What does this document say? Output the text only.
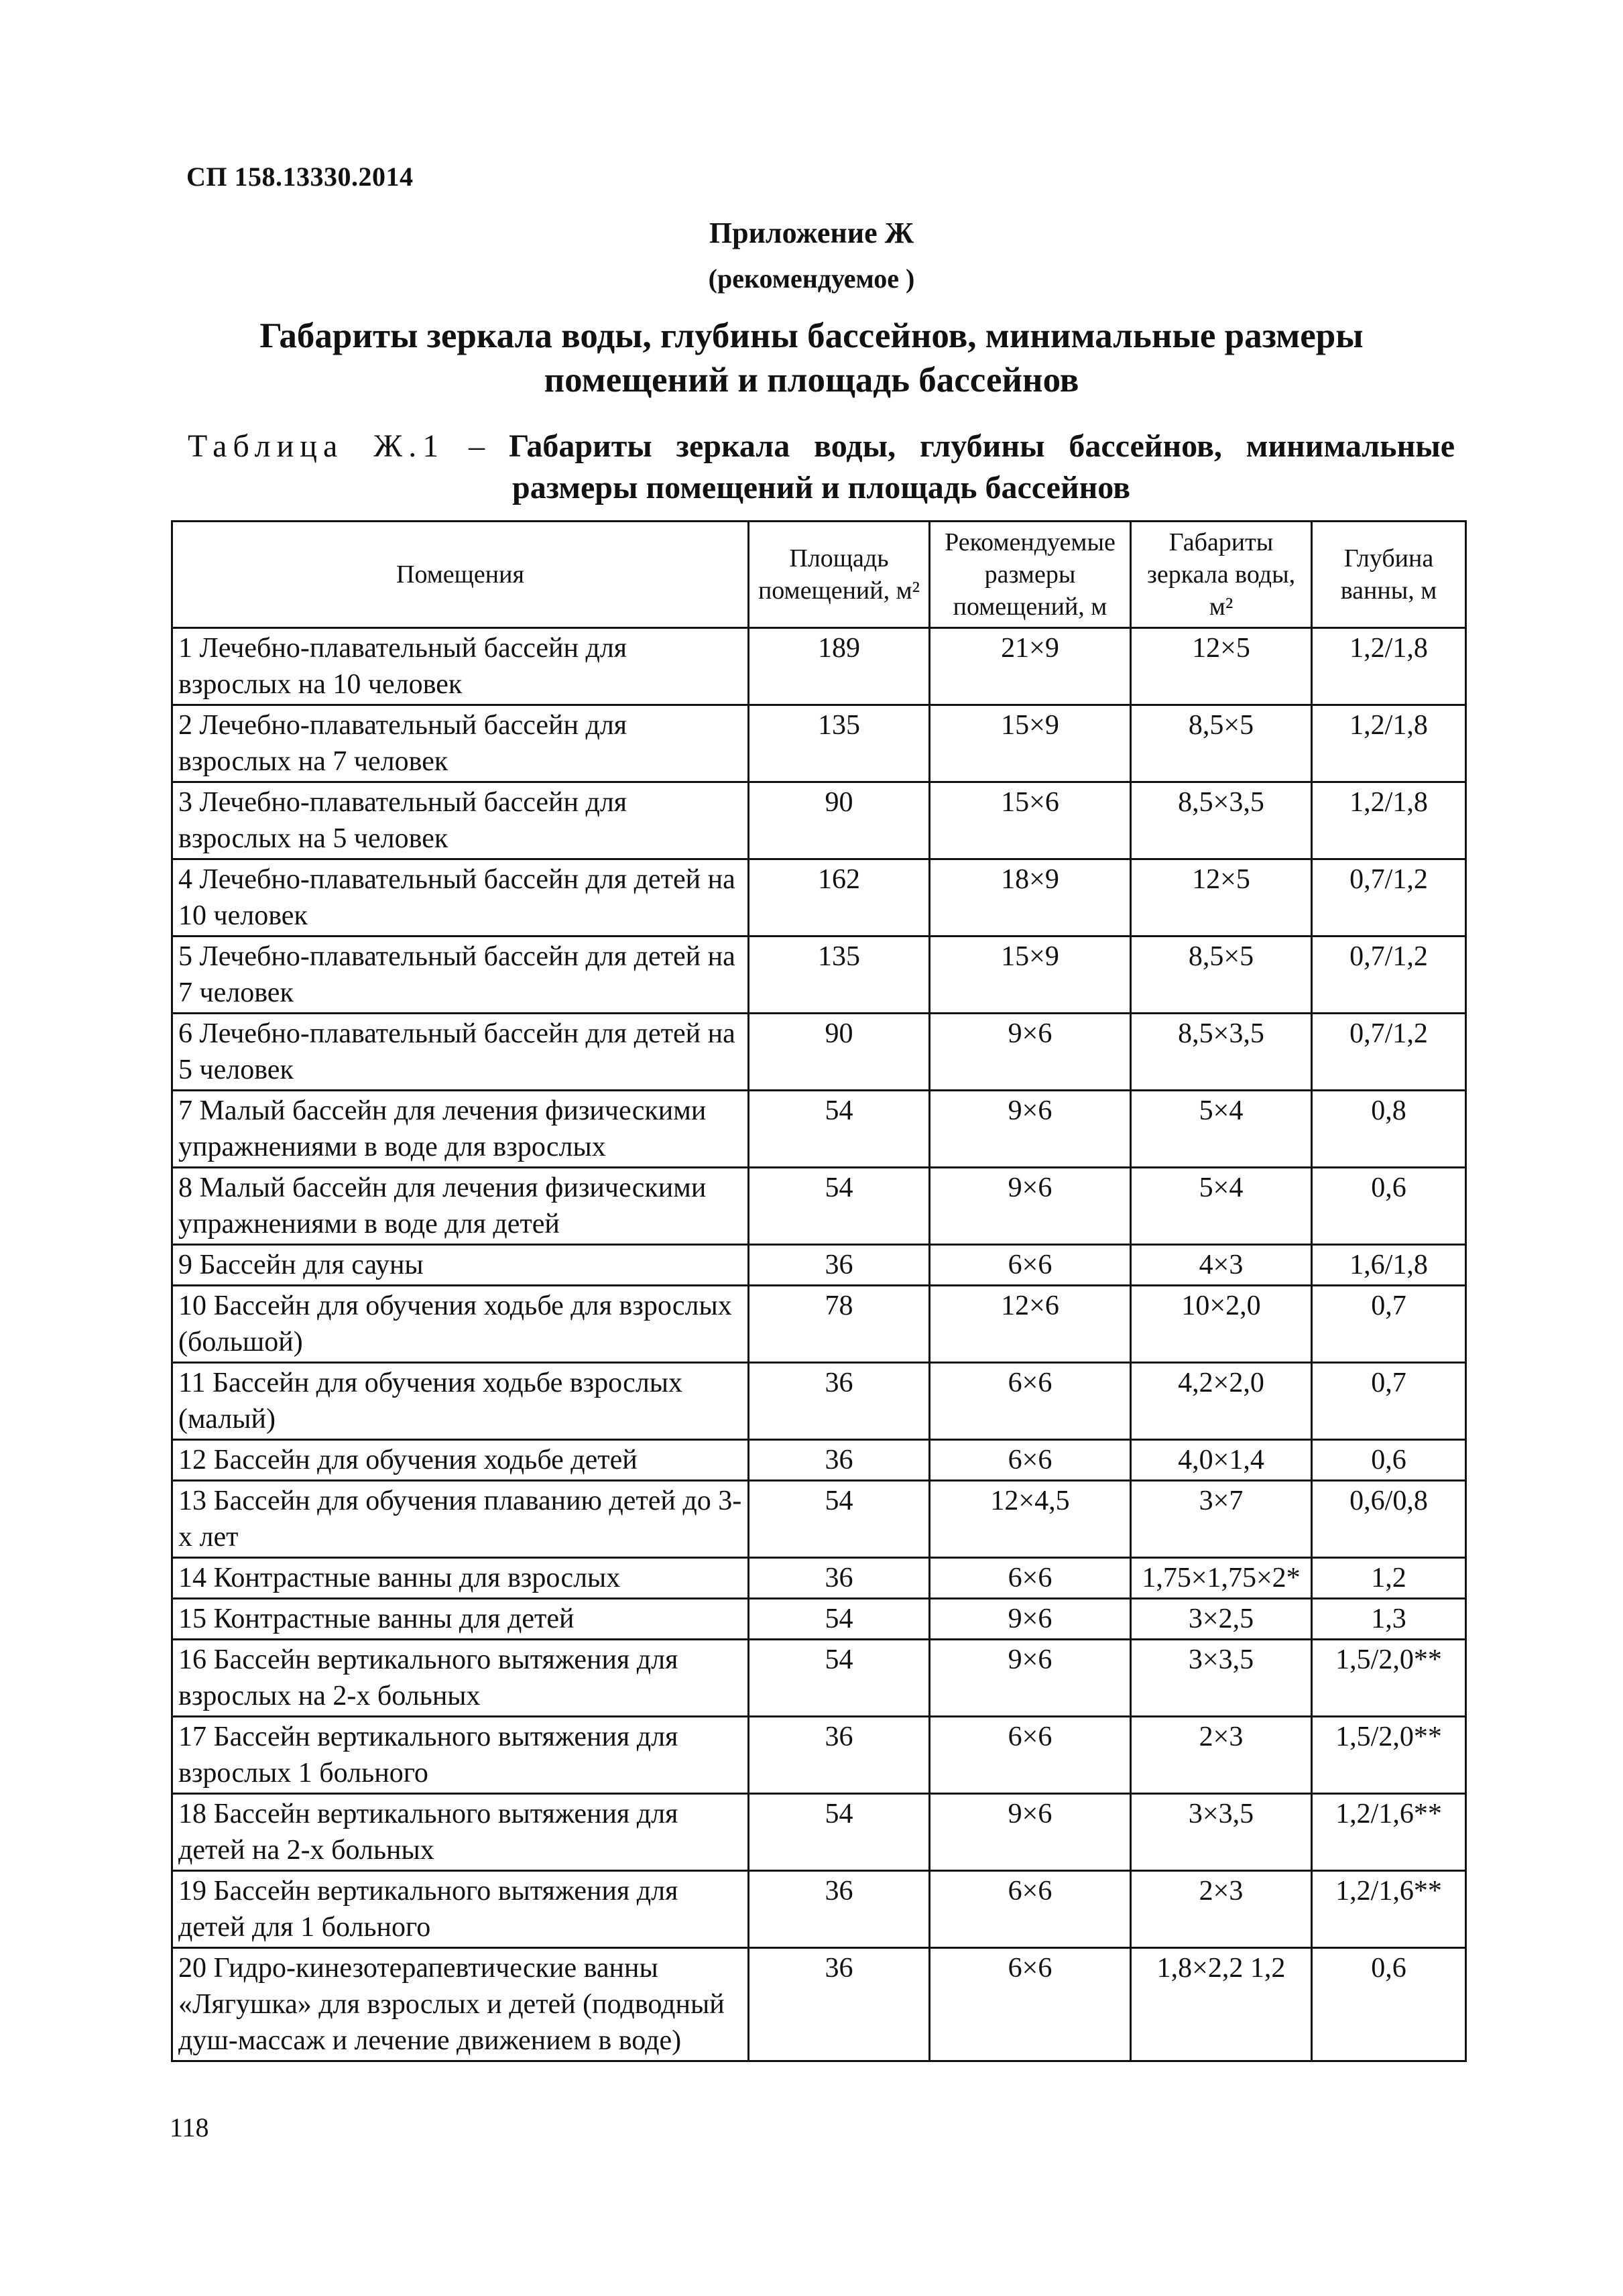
СП 158.13330.2014
Приложение Ж
(рекомендуемое )
Габариты зеркала воды, глубины бассейнов, минимальные размеры
помещений и площадь бассейнов
Таблица Ж.1 – Габариты зеркала воды, глубины бассейнов, минимальные размеры помещений и площадь бассейнов
Помещения	Площадь помещений, м²	Рекомендуемые размеры помещений, м	Габариты зеркала воды, м²	Глубина ванны, м
1 Лечебно-плавательный бассейн для взрослых на 10 человек	189	21×9	12×5	1,2/1,8
2 Лечебно-плавательный бассейн для взрослых на 7 человек	135	15×9	8,5×5	1,2/1,8
3 Лечебно-плавательный бассейн для взрослых на 5 человек	90	15×6	8,5×3,5	1,2/1,8
4 Лечебно-плавательный бассейн для детей на 10 человек	162	18×9	12×5	0,7/1,2
5 Лечебно-плавательный бассейн для детей на 7 человек	135	15×9	8,5×5	0,7/1,2
6 Лечебно-плавательный бассейн для детей на 5 человек	90	9×6	8,5×3,5	0,7/1,2
7 Малый бассейн для лечения физическими упражнениями в воде для взрослых	54	9×6	5×4	0,8
8 Малый бассейн для лечения физическими упражнениями в воде для детей	54	9×6	5×4	0,6
9 Бассейн для сауны	36	6×6	4×3	1,6/1,8
10 Бассейн для обучения ходьбе для взрослых (большой)	78	12×6	10×2,0	0,7
11 Бассейн для обучения ходьбе взрослых (малый)	36	6×6	4,2×2,0	0,7
12 Бассейн для обучения ходьбе детей	36	6×6	4,0×1,4	0,6
13 Бассейн для обучения плаванию детей до 3-х лет	54	12×4,5	3×7	0,6/0,8
14 Контрастные ванны для взрослых	36	6×6	1,75×1,75×2*	1,2
15 Контрастные ванны для детей	54	9×6	3×2,5	1,3
16 Бассейн вертикального вытяжения для взрослых на 2-х больных	54	9×6	3×3,5	1,5/2,0**
17 Бассейн вертикального вытяжения для взрослых 1 больного	36	6×6	2×3	1,5/2,0**
18 Бассейн вертикального вытяжения для детей на 2-х больных	54	9×6	3×3,5	1,2/1,6**
19 Бассейн вертикального вытяжения для детей для 1 больного	36	6×6	2×3	1,2/1,6**
20 Гидро-кинезотерапевтические ванны «Лягушка» для взрослых и детей (подводный душ-массаж и лечение движением в воде)	36	6×6	1,8×2,2 1,2	0,6
118
